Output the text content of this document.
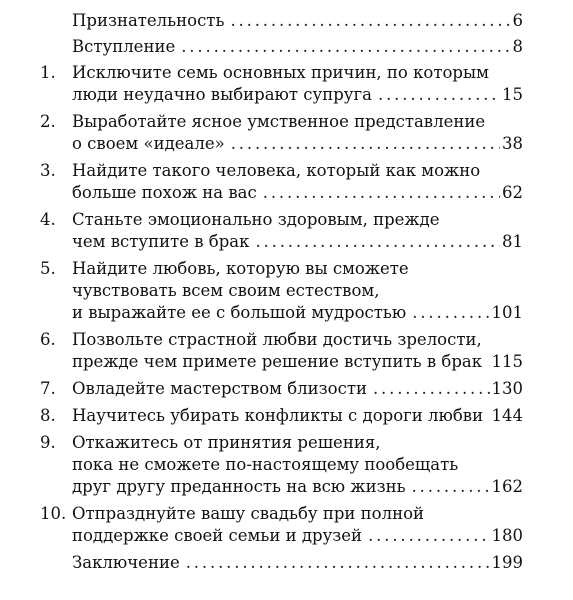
Признательность . . .	6
Вступление . . .	8
1. Исключите семь основных причин, по которым
люди неудачно выбирают супруга . . .	15
2. Выработайте ясное умственное представление
о своем «идеале» . . .	38
3. Найдите такого человека, который как можно
больше похож на вас . . .	62
4. Станьте эмоционально здоровым, прежде
чем вступите в брак . . .	81
5. Найдите любовь, которую вы сможете
чувствовать всем своим естеством,
и выражайте ее с большой мудростью . . .	101
6. Позвольте страстной любви достичь зрелости,
прежде чем примете решение вступить в брак . . . 115
7. Овладейте мастерством близости . . .	130
8. Научитесь убирать конфликты с дороги любви . . . 144
9. Откажитесь от принятия решения,
пока не сможете по-настоящему пообещать
друг другу преданность на всю жизнь . . .	162
10. Отпразднуйте вашу свадьбу при полной
поддержке своей семьи и друзей . . .	180
Заключение . . .	199
